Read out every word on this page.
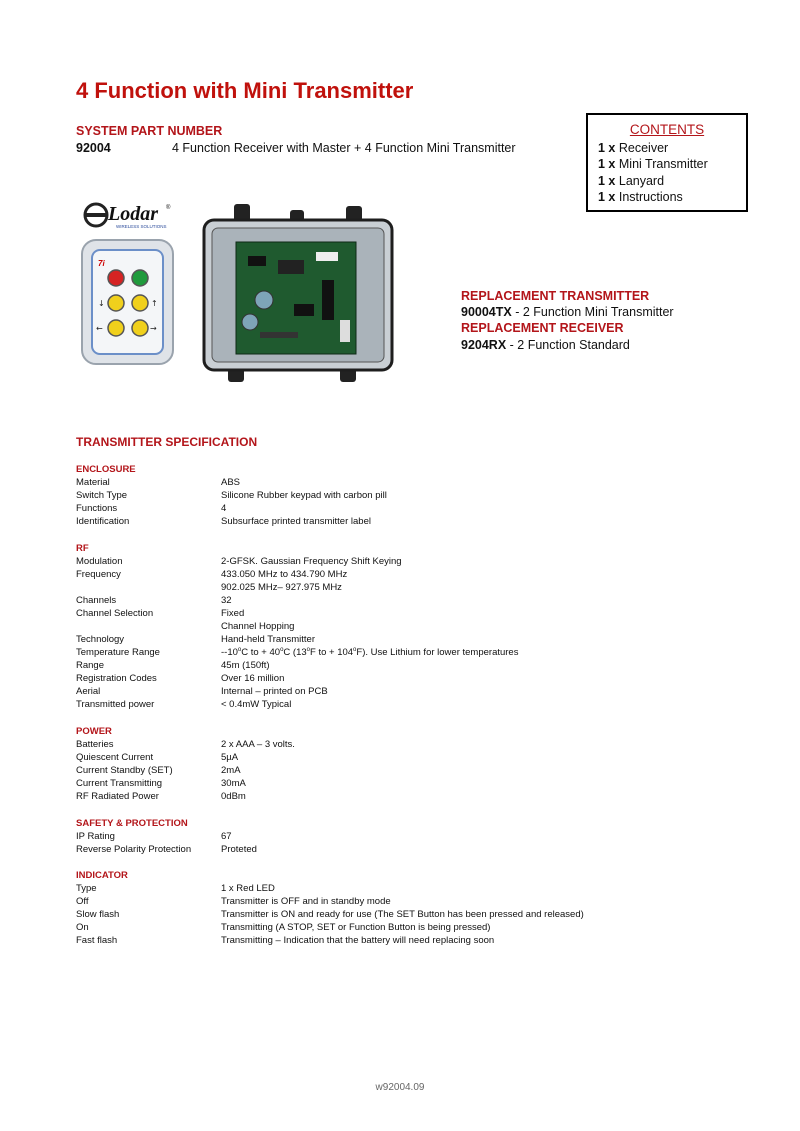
4 Function with Mini Transmitter
SYSTEM PART NUMBER
92004	4 Function Receiver with Master + 4 Function Mini Transmitter
CONTENTS
1 x Receiver
1 x Mini Transmitter
1 x Lanyard
1 x Instructions
Lodar ®
WIRELESS SOLUTIONS
7i
↓	↑
←	→
REPLACEMENT TRANSMITTER
90004TX - 2 Function Mini Transmitter
REPLACEMENT RECEIVER
9204RX - 2 Function Standard
TRANSMITTER SPECIFICATION
ENCLOSURE
Material	ABS
Switch Type	Silicone Rubber keypad with carbon pill
Functions	4
Identification	Subsurface printed transmitter label
RF
Modulation	2-GFSK. Gaussian Frequency Shift Keying
Frequency	433.050 MHz to 434.790 MHz
902.025 MHz– 927.975 MHz
Channels	32
Channel Selection	Fixed
Channel Hopping
Technology	Hand-held Transmitter
Temperature Range	--10$^o$C to + $40^oC$ (13$^o$F to + $104^oF$). Use Lithium for lower temperatures
Range	45m (150ft)
Registration Codes	Over 16 million
Aerial	Internal – printed on PCB
Transmitted power	< 0.4mW Typical
POWER
Batteries	2 x AAA – 3 volts.
Quiescent Current	5µA
Current Standby (SET)	2mA
Current Transmitting	30mA
RF Radiated Power	0dBm
SAFETY & PROTECTION
IP Rating	67
Reverse Polarity Protection	Proteted
INDICATOR
Type	1 x Red LED
Off	Transmitter is OFF and in standby mode
Slow flash	Transmitter is ON and ready for use (The SET Button has been pressed and released)
On	Transmitting (A STOP, SET or Function Button is being pressed)
Fast flash	Transmitting – Indication that the battery will need replacing soon
w92004.09
